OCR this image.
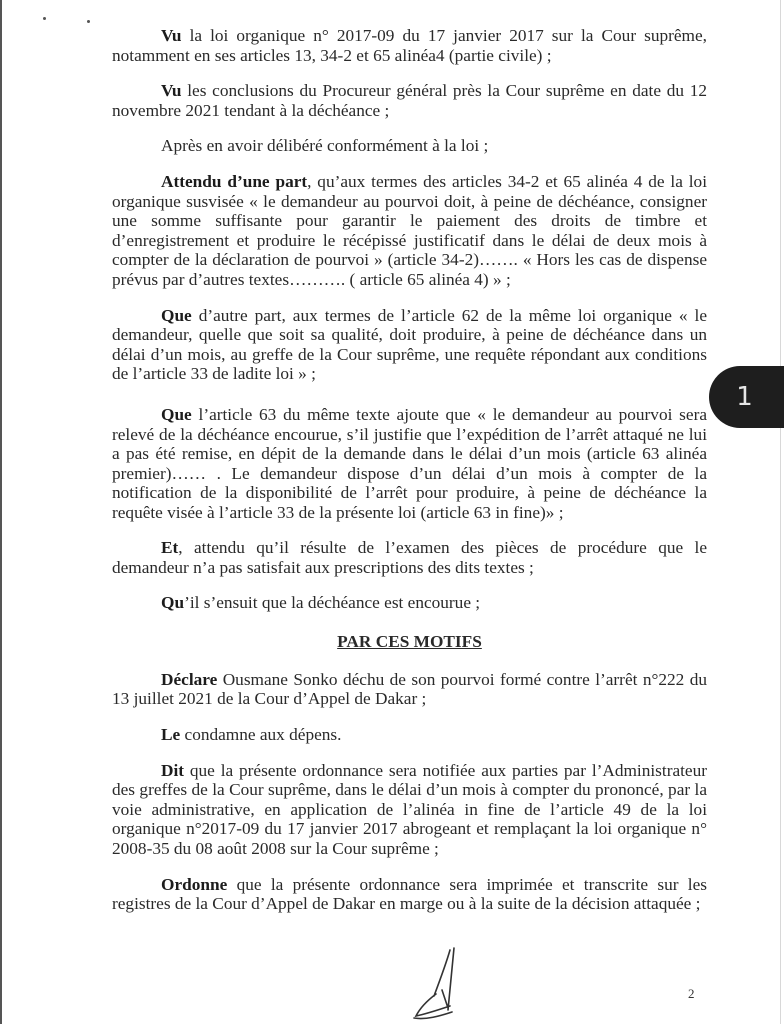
Vu la loi organique n° 2017-09 du 17 janvier 2017 sur la Cour suprême, notamment en ses articles 13, 34-2 et 65 alinéa4 (partie civile) ;

Vu les conclusions du Procureur général près la Cour suprême en date du 12 novembre 2021 tendant à la déchéance ;

Après en avoir délibéré conformément à la loi ;

Attendu d’une part, qu’aux termes des articles 34-2 et 65 alinéa 4 de la loi organique susvisée « le demandeur au pourvoi doit, à peine de déchéance, consigner une somme suffisante pour garantir le paiement des droits de timbre et d’enregistrement et produire le récépissé justificatif dans le délai de deux mois à compter de la déclaration de pourvoi » (article 34-2)……. « Hors les cas de dispense prévus par d’autres textes………. ( article 65 alinéa 4) » ;

Que d’autre part, aux termes de l’article 62 de la même loi organique « le demandeur, quelle que soit sa qualité, doit produire, à peine de déchéance dans un délai d’un mois, au greffe de la Cour suprême, une requête répondant aux conditions de l’article 33 de ladite loi » ;

Que l’article 63 du même texte ajoute que « le demandeur au pourvoi sera relevé de la déchéance encourue, s’il justifie que l’expédition de l’arrêt attaqué ne lui a pas été remise, en dépit de la demande dans le délai d’un mois (article 63 alinéa premier)…… . Le demandeur dispose d’un délai d’un mois à compter de la notification de la disponibilité de l’arrêt pour produire, à peine de déchéance la requête visée à l’article 33 de la présente loi (article 63 in fine)» ;

Et, attendu qu’il résulte de l’examen des pièces de procédure que le demandeur n’a pas satisfait aux prescriptions des dits textes ;

Qu’il s’ensuit que la déchéance est encourue ;

PAR CES MOTIFS

Déclare Ousmane Sonko déchu de son pourvoi formé contre l’arrêt n°222 du 13 juillet 2021 de la Cour d’Appel de Dakar ;

Le condamne aux dépens.

Dit que la présente ordonnance sera notifiée aux parties par l’Administrateur des greffes de la Cour suprême, dans le délai d’un mois à compter du prononcé, par la voie administrative, en application de l’alinéa in fine de l’article 49 de la loi organique n°2017-09 du 17 janvier 2017 abrogeant et remplaçant la loi organique n° 2008-35 du 08 août 2008 sur la Cour suprême ;

Ordonne que la présente ordonnance sera imprimée et transcrite sur les registres de la Cour d’Appel de Dakar en marge ou à la suite de la décision attaquée ;

2
1
